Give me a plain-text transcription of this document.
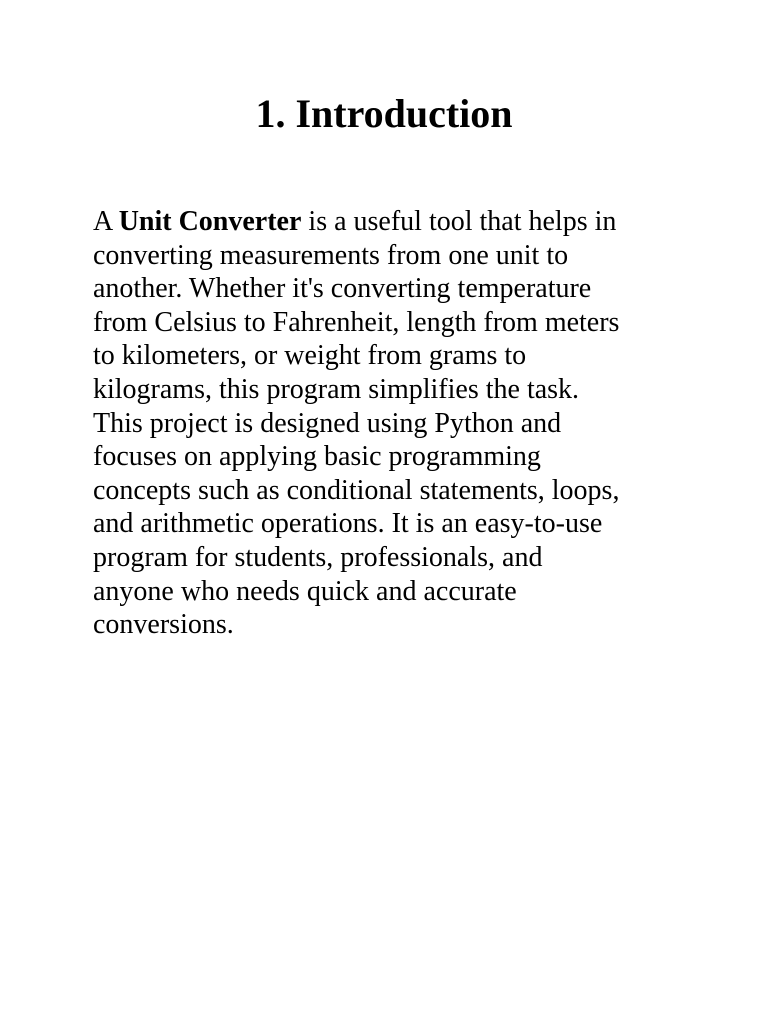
1. Introduction

A Unit Converter is a useful tool that helps in
converting measurements from one unit to
another. Whether it's converting temperature
from Celsius to Fahrenheit, length from meters
to kilometers, or weight from grams to
kilograms, this program simplifies the task.
This project is designed using Python and
focuses on applying basic programming
concepts such as conditional statements, loops,
and arithmetic operations. It is an easy-to-use
program for students, professionals, and
anyone who needs quick and accurate
conversions.
